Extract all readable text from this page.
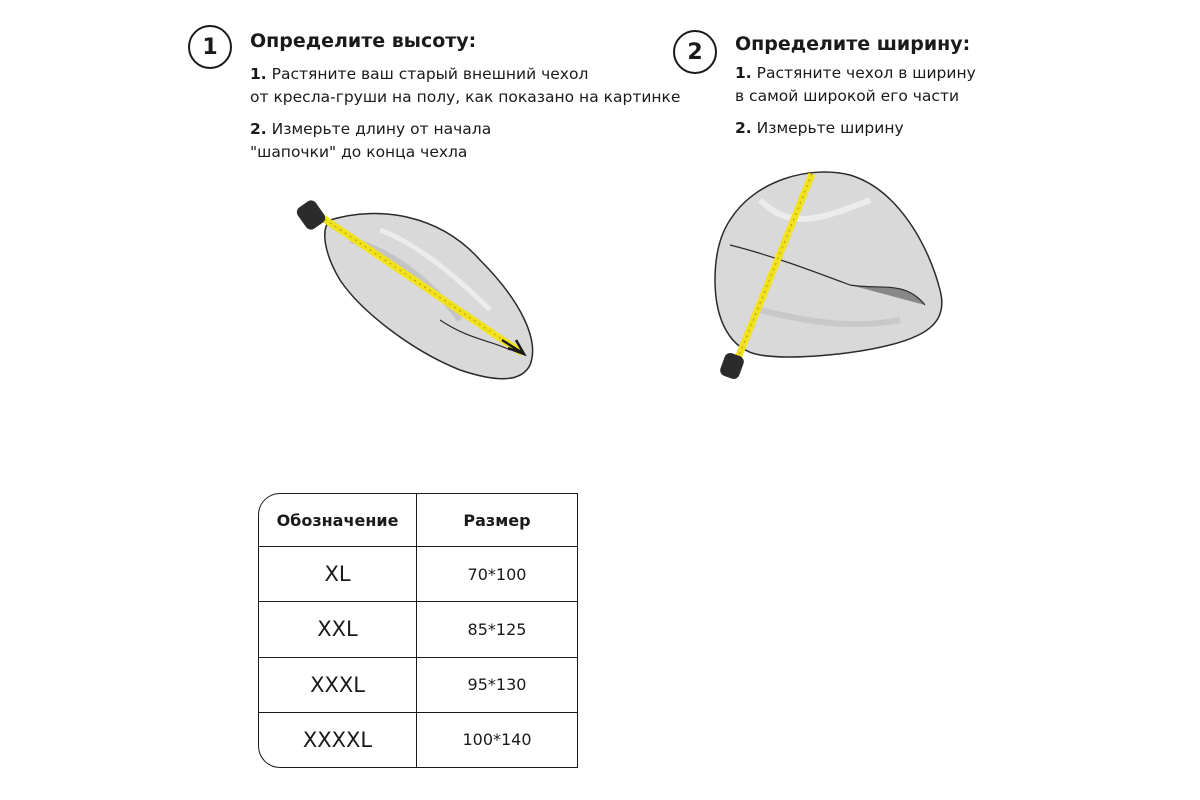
1 Определите высоту:
1. Растяните ваш старый внешний чехол
от кресла-груши на полу, как показано на картинке
2. Измерьте длину от начала
"шапочки" до конца чехла
2 Определите ширину:
1. Растяните чехол в ширину
в самой широкой его части
2. Измерьте ширину
Обозначение	Размер
XL	70*100
XXL	85*125
XXXL	95*130
XXXXL	100*140
